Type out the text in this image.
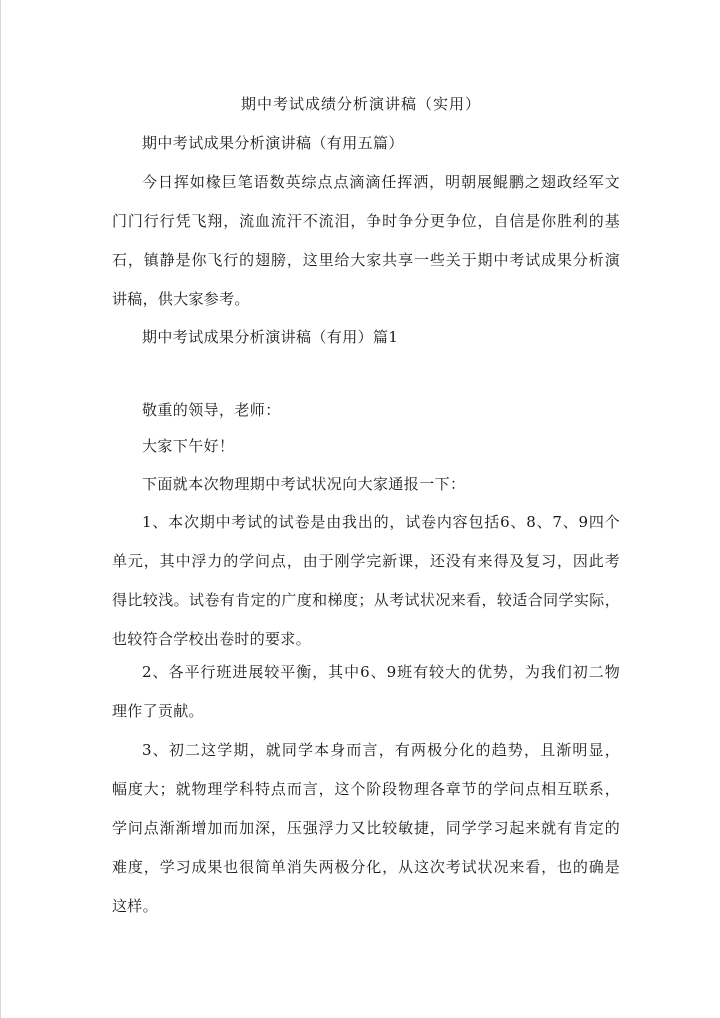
期中考试成绩分析演讲稿（实用）
期中考试成果分析演讲稿（有用五篇）
今日挥如椽巨笔语数英综点点滴滴任挥洒，明朝展鲲鹏之翅政经军文
门门行行凭飞翔，流血流汗不流泪，争时争分更争位，自信是你胜利的基
石，镇静是你飞行的翅膀，这里给大家共享一些关于期中考试成果分析演
讲稿，供大家参考。
期中考试成果分析演讲稿（有用）篇1
敬重的领导，老师：
大家下午好！
下面就本次物理期中考试状况向大家通报一下：
1、本次期中考试的试卷是由我出的，试卷内容包括6、8、7、9四个
单元，其中浮力的学问点，由于刚学完新课，还没有来得及复习，因此考
得比较浅。试卷有肯定的广度和梯度；从考试状况来看，较适合同学实际，
也较符合学校出卷时的要求。
2、各平行班进展较平衡，其中6、9班有较大的优势，为我们初二物
理作了贡献。
3、初二这学期，就同学本身而言，有两极分化的趋势，且渐明显，
幅度大；就物理学科特点而言，这个阶段物理各章节的学问点相互联系，
学问点渐渐增加而加深，压强浮力又比较敏捷，同学学习起来就有肯定的
难度，学习成果也很简单消失两极分化，从这次考试状况来看，也的确是
这样。
